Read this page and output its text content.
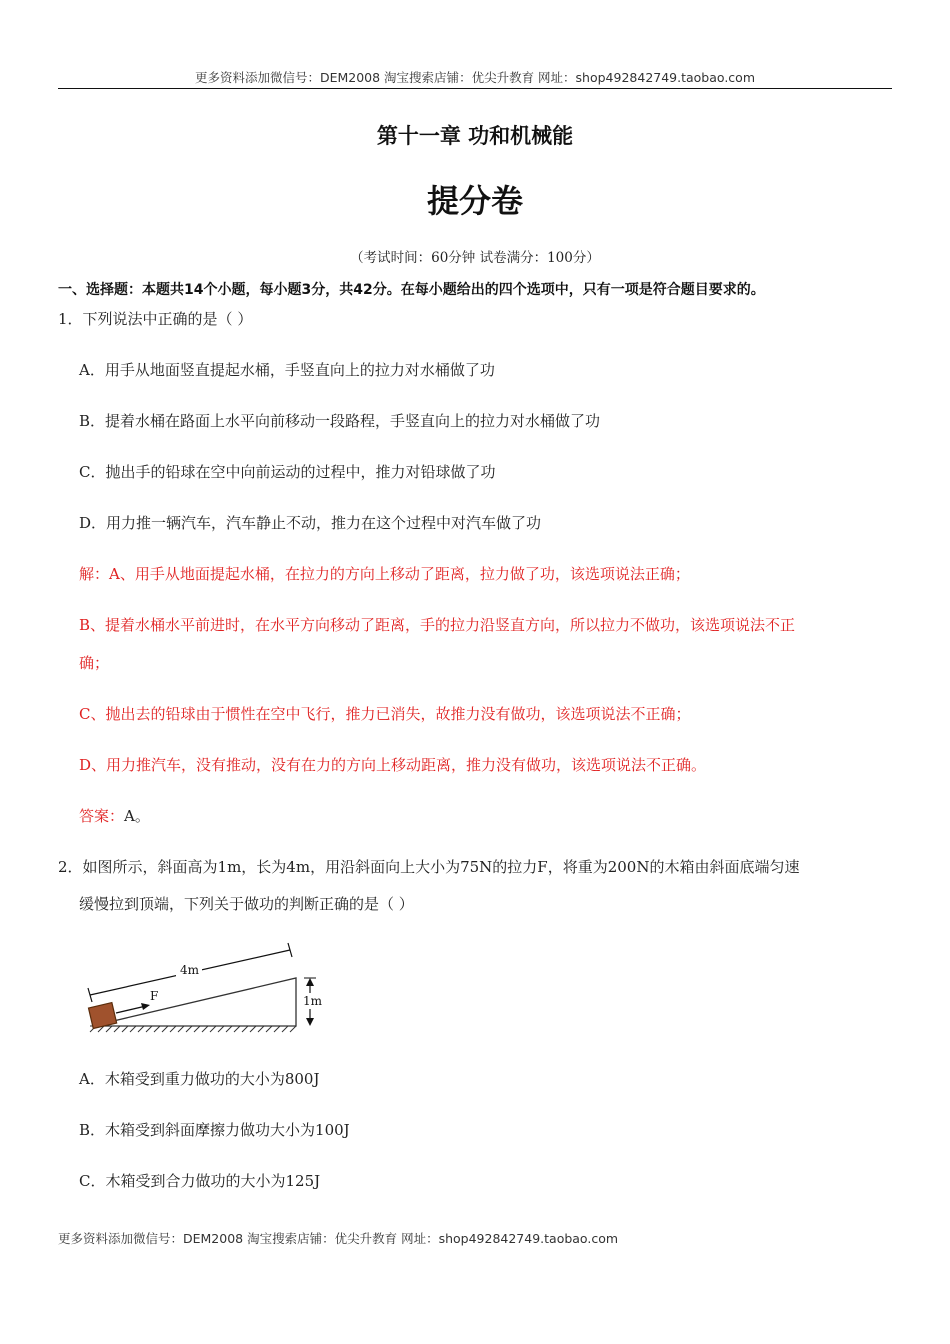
更多资料添加微信号：DEM2008 淘宝搜索店铺：优尖升教育 网址：shop492842749.taobao.com
第十一章 功和机械能
提分卷
（考试时间：60分钟 试卷满分：100分）
一、选择题：本题共14个小题，每小题3分，共42分。在每小题给出的四个选项中，只有一项是符合题目要求的。
1．下列说法中正确的是（ ）
A．用手从地面竖直提起水桶，手竖直向上的拉力对水桶做了功
B．提着水桶在路面上水平向前移动一段路程，手竖直向上的拉力对水桶做了功
C．抛出手的铅球在空中向前运动的过程中，推力对铅球做了功
D．用力推一辆汽车，汽车静止不动，推力在这个过程中对汽车做了功
解：A、用手从地面提起水桶，在拉力的方向上移动了距离，拉力做了功，该选项说法正确；
B、提着水桶水平前进时，在水平方向移动了距离，手的拉力沿竖直方向，所以拉力不做功，该选项说法不正
确；
C、抛出去的铅球由于惯性在空中飞行，推力已消失，故推力没有做功，该选项说法不正确；
D、用力推汽车，没有推动，没有在力的方向上移动距离，推力没有做功，该选项说法不正确。
答案：A。
2．如图所示，斜面高为1m，长为4m，用沿斜面向上大小为75N的拉力F，将重为200N的木箱由斜面底端匀速
缓慢拉到顶端，下列关于做功的判断正确的是（ ）
F
4m
1m
A．木箱受到重力做功的大小为800J
B．木箱受到斜面摩擦力做功大小为100J
C．木箱受到合力做功的大小为125J
更多资料添加微信号：DEM2008 淘宝搜索店铺：优尖升教育 网址：shop492842749.taobao.com
